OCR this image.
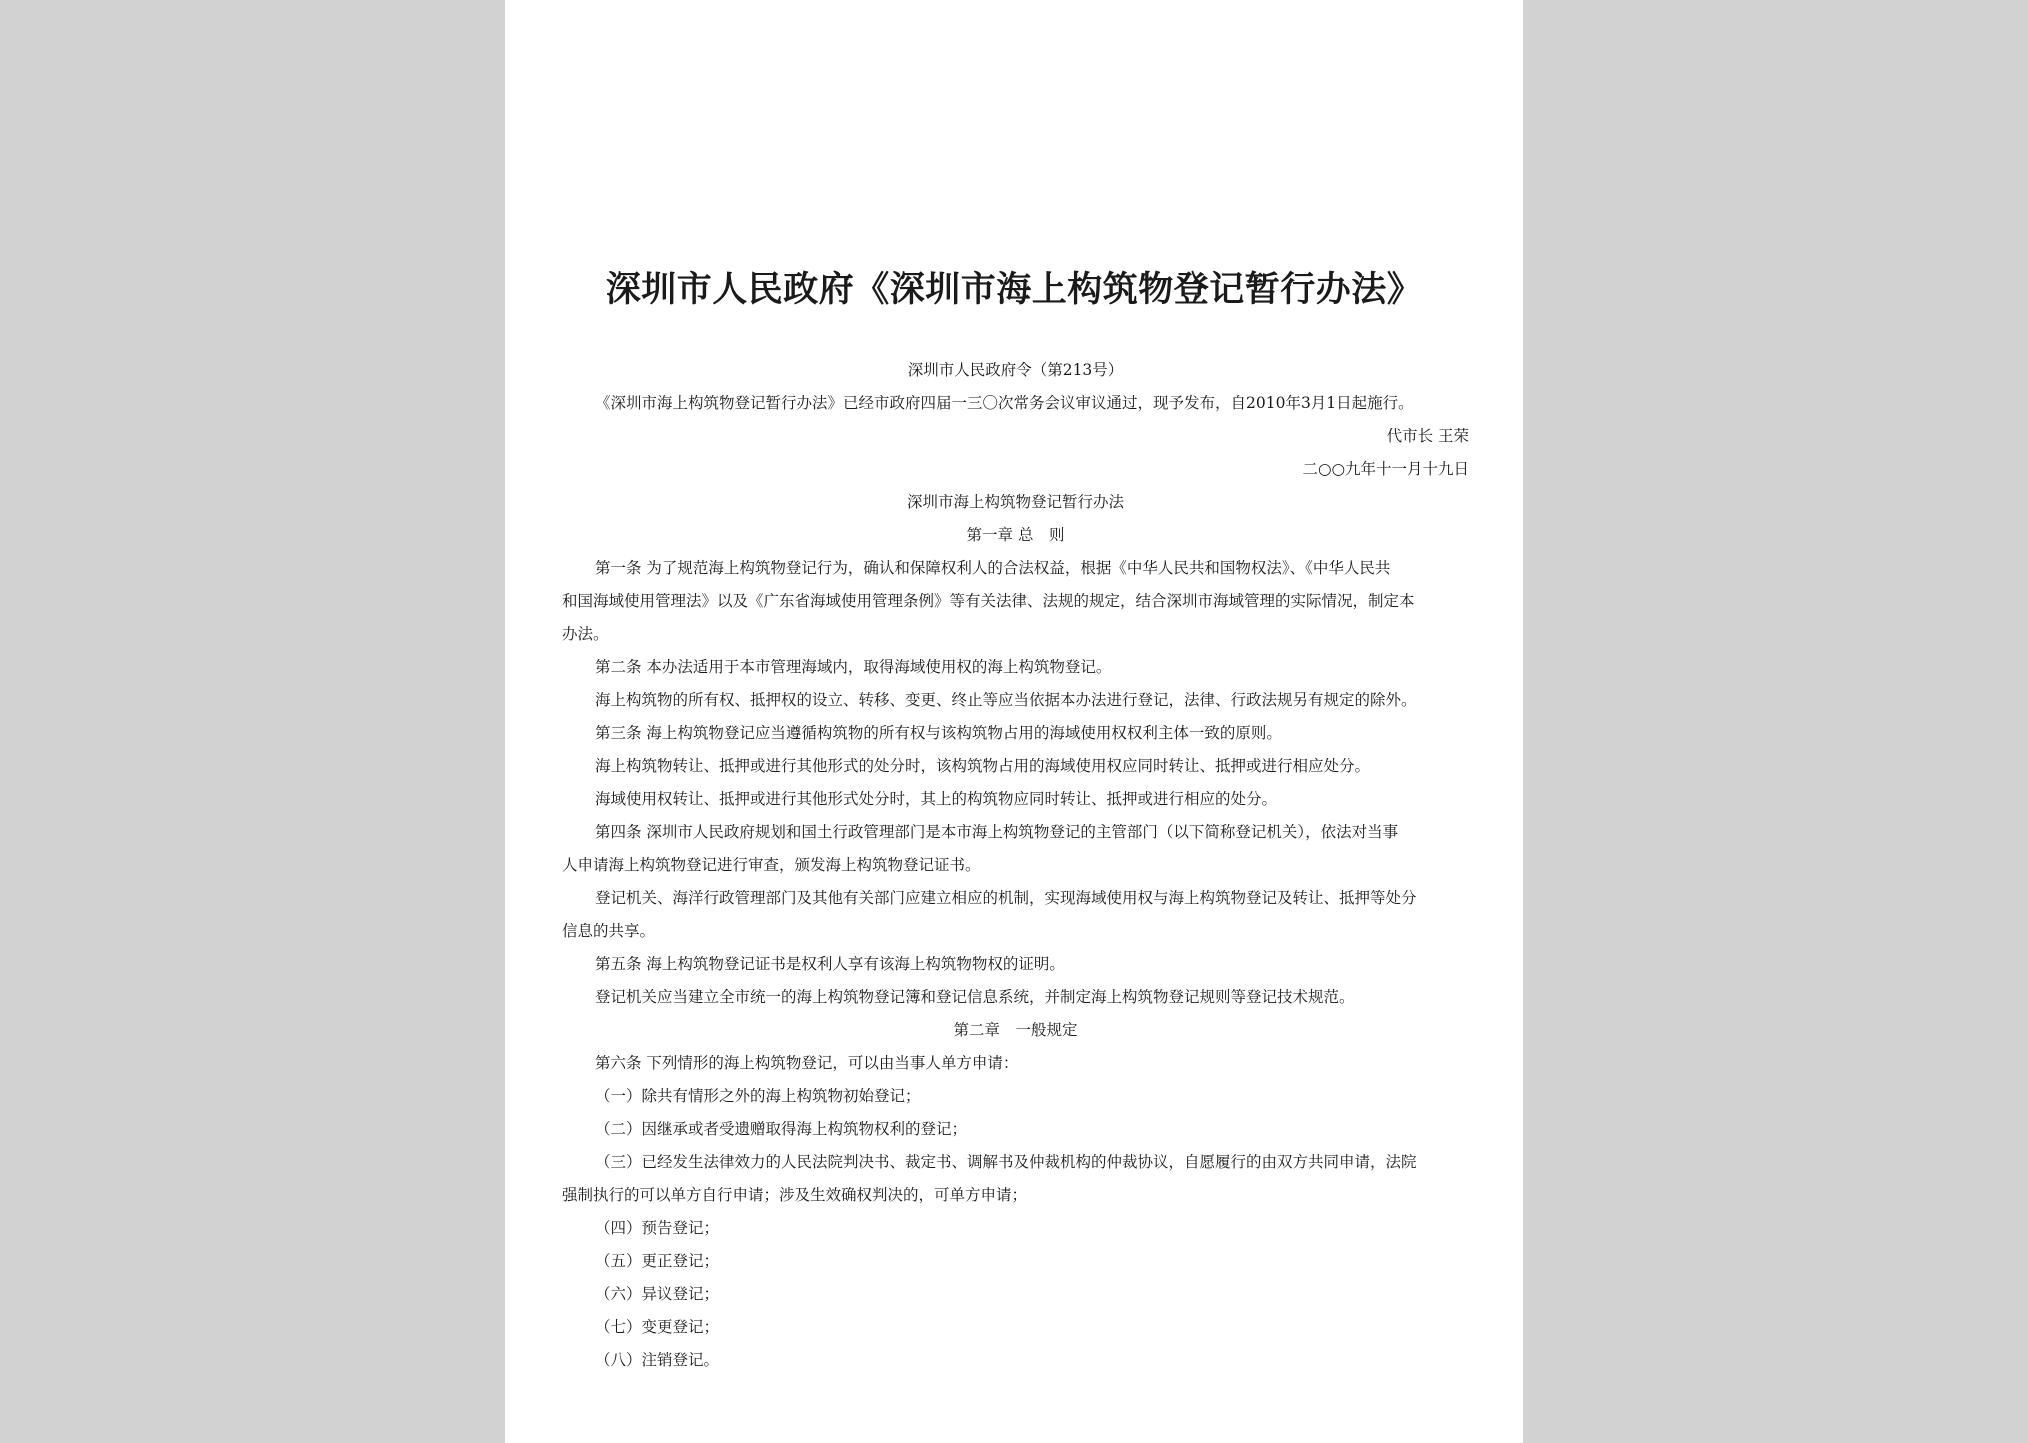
深圳市人民政府《深圳市海上构筑物登记暂行办法》
深圳市人民政府令（第213号）
《深圳市海上构筑物登记暂行办法》已经市政府四届一三〇次常务会议审议通过，现予发布，自2010年3月1日起施行。
代市长 王荣
二○○九年十一月十九日
深圳市海上构筑物登记暂行办法
第一章 总　则
第一条 为了规范海上构筑物登记行为，确认和保障权利人的合法权益，根据《中华人民共和国物权法》、《中华人民共
和国海域使用管理法》以及《广东省海域使用管理条例》等有关法律、法规的规定，结合深圳市海域管理的实际情况，制定本
办法。
第二条 本办法适用于本市管理海域内，取得海域使用权的海上构筑物登记。
海上构筑物的所有权、抵押权的设立、转移、变更、终止等应当依据本办法进行登记，法律、行政法规另有规定的除外。
第三条 海上构筑物登记应当遵循构筑物的所有权与该构筑物占用的海域使用权权利主体一致的原则。
海上构筑物转让、抵押或进行其他形式的处分时，该构筑物占用的海域使用权应同时转让、抵押或进行相应处分。
海域使用权转让、抵押或进行其他形式处分时，其上的构筑物应同时转让、抵押或进行相应的处分。
第四条 深圳市人民政府规划和国土行政管理部门是本市海上构筑物登记的主管部门（以下简称登记机关），依法对当事
人申请海上构筑物登记进行审查，颁发海上构筑物登记证书。
登记机关、海洋行政管理部门及其他有关部门应建立相应的机制，实现海域使用权与海上构筑物登记及转让、抵押等处分
信息的共享。
第五条 海上构筑物登记证书是权利人享有该海上构筑物物权的证明。
登记机关应当建立全市统一的海上构筑物登记簿和登记信息系统，并制定海上构筑物登记规则等登记技术规范。
第二章　一般规定
第六条 下列情形的海上构筑物登记，可以由当事人单方申请：
（一）除共有情形之外的海上构筑物初始登记；
（二）因继承或者受遗赠取得海上构筑物权利的登记；
（三）已经发生法律效力的人民法院判决书、裁定书、调解书及仲裁机构的仲裁协议，自愿履行的由双方共同申请，法院
强制执行的可以单方自行申请；涉及生效确权判决的，可单方申请；
（四）预告登记；
（五）更正登记；
（六）异议登记；
（七）变更登记；
（八）注销登记。
